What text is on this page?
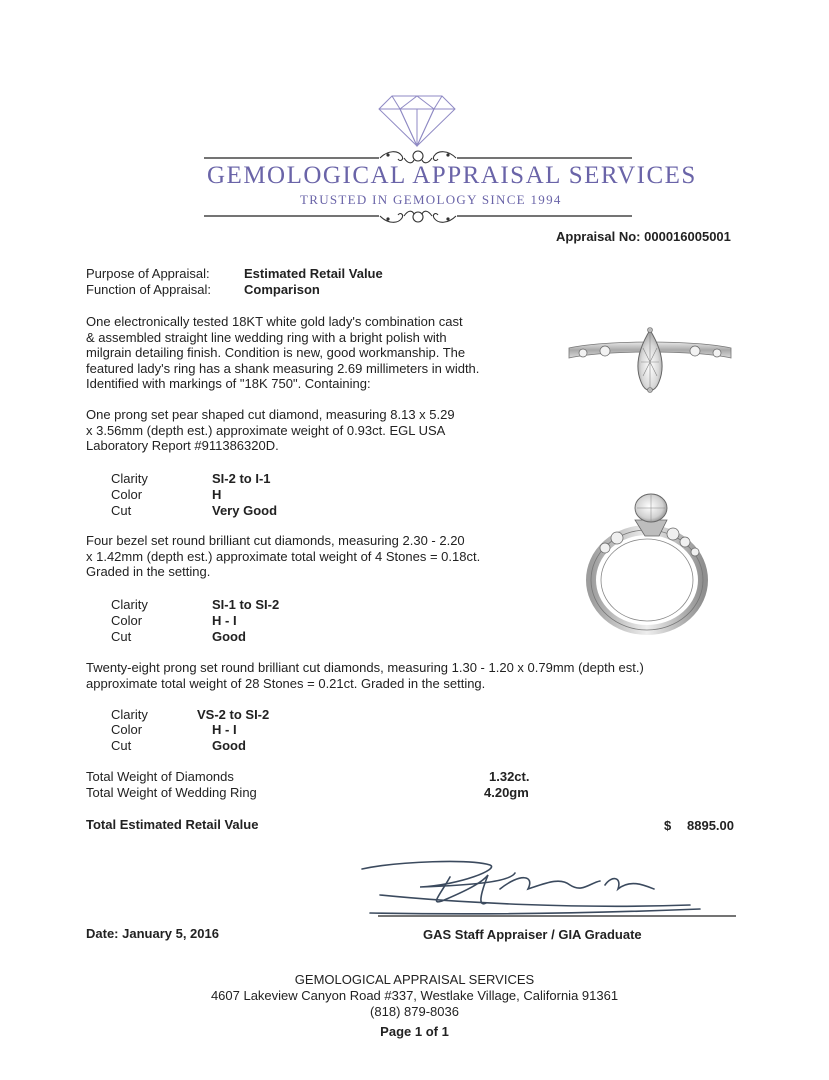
GEMOLOGICAL APPRAISAL SERVICES
TRUSTED IN GEMOLOGY SINCE 1994
Appraisal No: 000016005001
Purpose of Appraisal:	Estimated Retail Value
Function of Appraisal:	Comparison
One electronically tested 18KT white gold lady's combination cast
& assembled straight line wedding ring with a bright polish with
milgrain detailing finish. Condition is new, good workmanship. The
featured lady's ring has a shank measuring 2.69 millimeters in width.
Identified with markings of "18K 750". Containing:
One prong set pear shaped cut diamond, measuring 8.13 x 5.29
x 3.56mm (depth est.) approximate weight of 0.93ct. EGL USA
Laboratory Report #911386320D.
Clarity	SI-2 to I-1
Color	H
Cut	Very Good
Four bezel set round brilliant cut diamonds, measuring 2.30 - 2.20
x 1.42mm (depth est.) approximate total weight of 4 Stones = 0.18ct.
Graded in the setting.
Clarity	SI-1 to SI-2
Color	H - I
Cut	Good
Twenty-eight prong set round brilliant cut diamonds, measuring 1.30 - 1.20 x 0.79mm (depth est.)
approximate total weight of 28 Stones = 0.21ct. Graded in the setting.
Clarity	VS-2 to SI-2
Color	H - I
Cut	Good
Total Weight of Diamonds	1.32ct.
Total Weight of Wedding Ring	4.20gm
Total Estimated Retail Value	$ 8895.00
Date: January 5, 2016	GAS Staff Appraiser / GIA Graduate
GEMOLOGICAL APPRAISAL SERVICES
4607 Lakeview Canyon Road #337, Westlake Village, California 91361
(818) 879-8036
Page 1 of 1
